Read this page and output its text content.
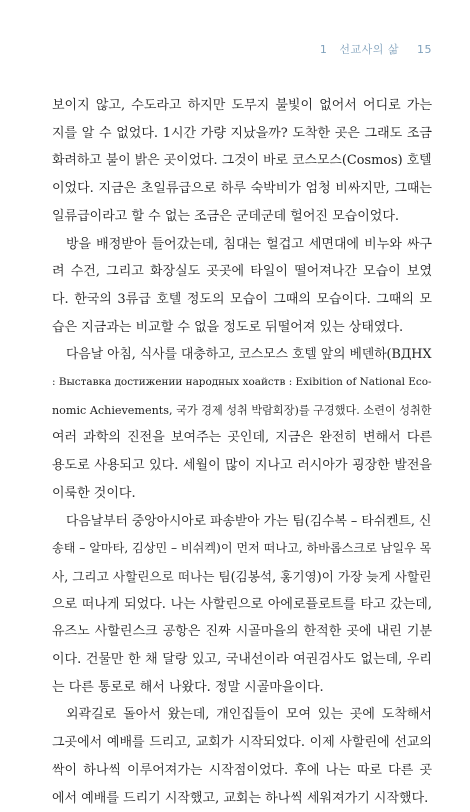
1 선교사의 삶 15
보이지 않고, 수도라고 하지만 도무지 불빛이 없어서 어디로 가는
지를 알 수 없었다. 1시간 가량 지났을까? 도착한 곳은 그래도 조금
화려하고 불이 밝은 곳이었다. 그것이 바로 코스모스(Cosmos) 호텔
이었다. 지금은 초일류급으로 하루 숙박비가 엄청 비싸지만, 그때는
일류급이라고 할 수 없는 조금은 군데군데 헐어진 모습이었다.
방을 배정받아 들어갔는데, 침대는 헐겁고 세면대에 비누와 싸구
려 수건, 그리고 화장실도 곳곳에 타일이 떨어져나간 모습이 보였
다. 한국의 3류급 호텔 정도의 모습이 그때의 모습이다. 그때의 모
습은 지금과는 비교할 수 없을 정도로 뒤떨어져 있는 상태였다.
다음날 아침, 식사를 대충하고, 코스모스 호텔 앞의 베덴하(ВДНХ
: Выставка достижении народных хоайств : Exibition of National Eco-
nomic Achievements, 국가 경제 성취 박람회장)를 구경했다. 소련이 성취한
여러 과학의 진전을 보여주는 곳인데, 지금은 완전히 변해서 다른
용도로 사용되고 있다. 세월이 많이 지나고 러시아가 굉장한 발전을
이룩한 것이다.
다음날부터 중앙아시아로 파송받아 가는 팀(김수복 – 타쉬켄트, 신
송태 – 알마타, 김상민 – 비쉬켁)이 먼저 떠나고, 하바롭스크로 남일우 목
사, 그리고 사할린으로 떠나는 팀(김봉석, 홍기영)이 가장 늦게 사할린
으로 떠나게 되었다. 나는 사할린으로 아에로플로트를 타고 갔는데,
유즈노 사할린스크 공항은 진짜 시골마을의 한적한 곳에 내린 기분
이다. 건물만 한 채 달랑 있고, 국내선이라 여권검사도 없는데, 우리
는 다른 통로로 해서 나왔다. 정말 시골마을이다.
외곽길로 돌아서 왔는데, 개인집들이 모여 있는 곳에 도착해서
그곳에서 예배를 드리고, 교회가 시작되었다. 이제 사할린에 선교의
싹이 하나씩 이루어져가는 시작점이었다. 후에 나는 따로 다른 곳
에서 예배를 드리기 시작했고, 교회는 하나씩 세워져가기 시작했다.
